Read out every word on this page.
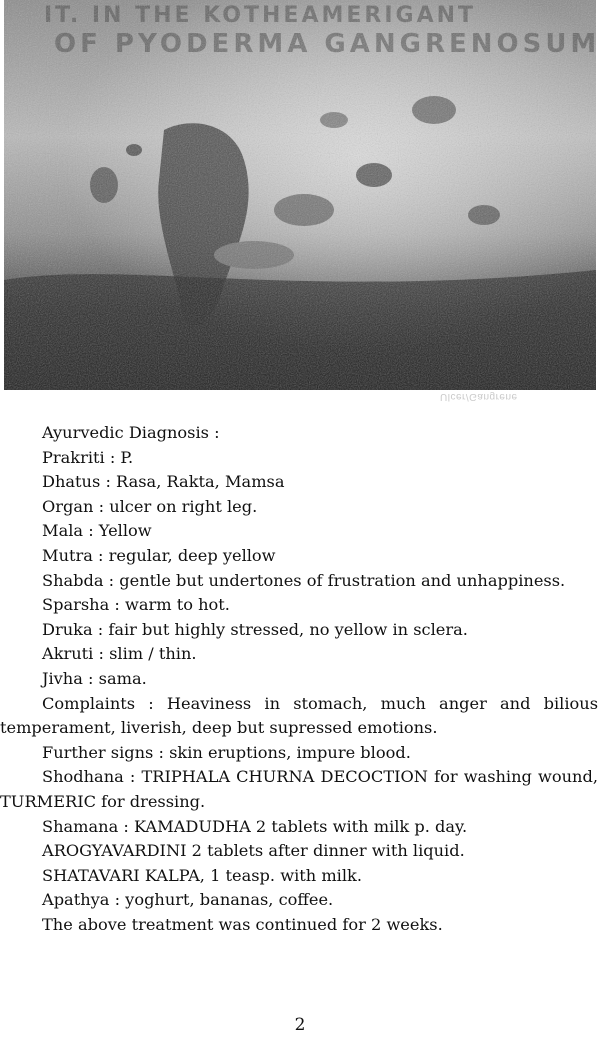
Ulcer/Gangrene

Ayurvedic Diagnosis :

Prakriti : P.

Dhatus : Rasa, Rakta, Mamsa

Organ : ulcer on right leg.

Mala : Yellow

Mutra : regular, deep yellow

Shabda : gentle but undertones of frustration and unhappiness.

Sparsha : warm to hot.

Druka : fair but highly stressed, no yellow in sclera.

Akruti : slim / thin.

Jivha : sama.

Complaints : Heaviness in stomach, much anger and bilious temperament, liverish, deep but supressed emotions.

Further signs : skin eruptions, impure blood.

Shodhana : TRIPHALA CHURNA DECOCTION for washing wound, TURMERIC for dressing.

Shamana : KAMADUDHA 2 tablets with milk p. day.

AROGYAVARDINI 2 tablets after dinner with liquid.

SHATAVARI KALPA, 1 teasp. with milk.

Apathya : yoghurt, bananas, coffee.

The above treatment was continued for 2 weeks.

2
